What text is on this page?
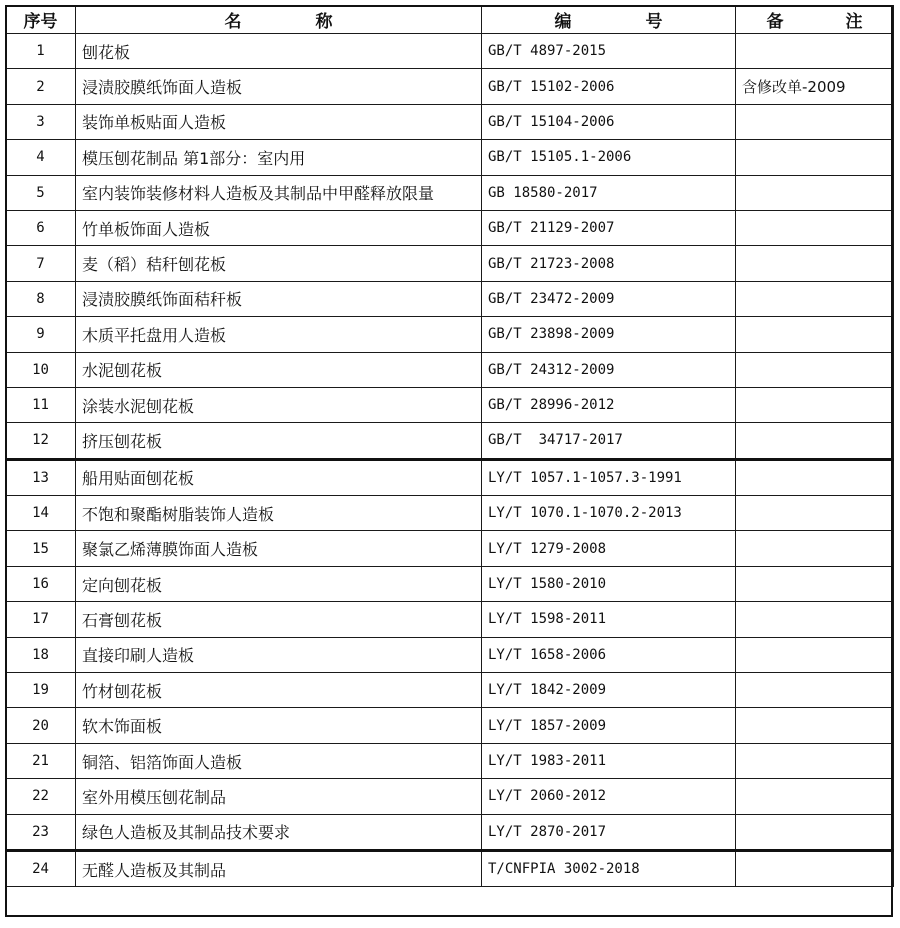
序号	名 称	编 号	备 注
1	刨花板	GB/T 4897-2015	
2	浸渍胶膜纸饰面人造板	GB/T 15102-2006	含修改单-2009
3	装饰单板贴面人造板	GB/T 15104-2006	
4	模压刨花制品 第1部分：室内用	GB/T 15105.1-2006	
5	室内装饰装修材料人造板及其制品中甲醛释放限量	GB 18580-2017	
6	竹单板饰面人造板	GB/T 21129-2007	
7	麦（稻）秸秆刨花板	GB/T 21723-2008	
8	浸渍胶膜纸饰面秸秆板	GB/T 23472-2009	
9	木质平托盘用人造板	GB/T 23898-2009	
10	水泥刨花板	GB/T 24312-2009	
11	涂装水泥刨花板	GB/T 28996-2012	
12	挤压刨花板	GB/T  34717-2017	
13	船用贴面刨花板	LY/T 1057.1-1057.3-1991	
14	不饱和聚酯树脂装饰人造板	LY/T 1070.1-1070.2-2013	
15	聚氯乙烯薄膜饰面人造板	LY/T 1279-2008	
16	定向刨花板	LY/T 1580-2010	
17	石膏刨花板	LY/T 1598-2011	
18	直接印刷人造板	LY/T 1658-2006	
19	竹材刨花板	LY/T 1842-2009	
20	软木饰面板	LY/T 1857-2009	
21	铜箔、铝箔饰面人造板	LY/T 1983-2011	
22	室外用模压刨花制品	LY/T 2060-2012	
23	绿色人造板及其制品技术要求	LY/T 2870-2017	
24	无醛人造板及其制品	T/CNFPIA 3002-2018	
